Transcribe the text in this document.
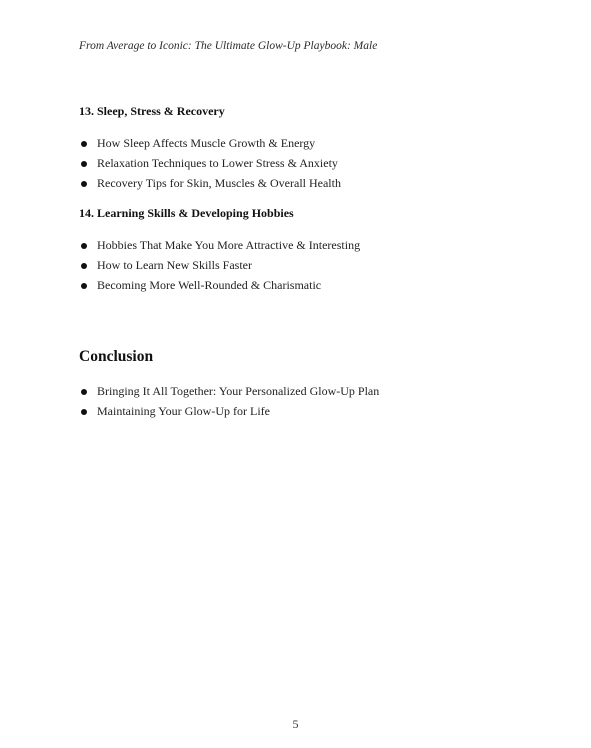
From Average to Iconic: The Ultimate Glow-Up Playbook: Male
13. Sleep, Stress & Recovery
How Sleep Affects Muscle Growth & Energy
Relaxation Techniques to Lower Stress & Anxiety
Recovery Tips for Skin, Muscles & Overall Health
14. Learning Skills & Developing Hobbies
Hobbies That Make You More Attractive & Interesting
How to Learn New Skills Faster
Becoming More Well-Rounded & Charismatic
Conclusion
Bringing It All Together: Your Personalized Glow-Up Plan
Maintaining Your Glow-Up for Life
5
